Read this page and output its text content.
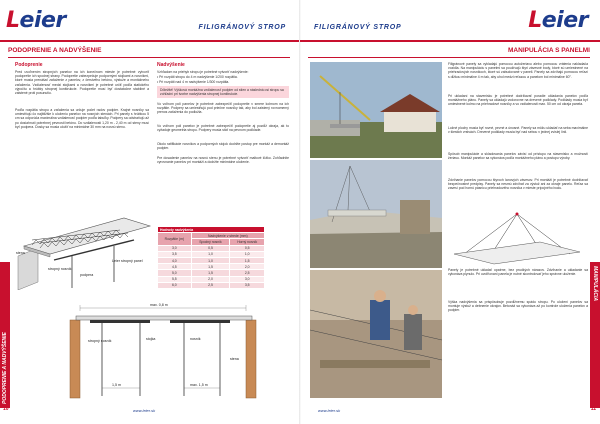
Leier	FILIGRÁNOVÝ STROP
PODOPRENIE A NADVÝŠENIE
Podoprenie
Pred uvoľnením stropných panelov na ich konečnom mieste je potrebné vytvoriť podopretie ich spodnej strany. Podopretie zabezpečuje podpornými stojkami a nosníkmi, ktoré musia prenášať zaťaženie z panelov, z čerstvého betónu, výstuže a montážneho zaťaženia. Vzdialenosť medzi stojkami a nosníkmi je potrebné určiť podľa statického výpočtu a hrúbky stropnej konštrukcie. Podopretie musí byť dostatočne stabilné a zaistené proti posunutiu.
Podľa rozpätia stropu a zaťaženia sa určuje počet radov podpier. Krajné nosníky sa umiestňujú čo najbližšie k uloženiu panelov na nosných stenách. Pri panely s hrúbkou 5 cm sa odporúča maximálna vzdialenosť podpier podľa tabuľky. Podpery sa odstraňujú až po dosiahnutí potrebnej pevnosti betónu. Do vzdialenosti 1,20 m - 2,40 m od steny musí byť podpera. Dosky sa musia uložiť na minimálne 30 mm na nosnú stenu.
Nadvýšenie
Vzhľadom na priehyb stropu je potrebné vytvoriť nadvýšenie:
• Pri rozpätí stropu do 4 m nadvýšenie 1/200 rozpätia.
• Pri rozpätí nad 4 m nadvýšenie 1/300 rozpätia.
Dôležité! Výšková montážna vzdialenosť podpier od stien a následná osi stropu sa zohľadní pri tvorbe nadvýšenia stropnej konštrukcie.
Vo voľnom poli panelov je potrebné zabezpečiť podopretie v smere kolmom na ich rozpätie. Podpery sa umiestňujú pod priečne nosníky tak, aby bol zaistený rovnomerný prenos zaťaženia do podložia.
Vo voľnom poli panelov je potrebné zabezpečiť podopretie aj pozdĺž okraja, ak to vyžaduje geometria stropu. Podpery musia stáť na pevnom podklade.
Okolo ratifikácie nosníkov a podporných stojok dodržte postup pre montáž a demontáž podpier.
Pre dosadenie panelov na nosnú stenu je potrebné vytvoriť maltové lôžko. Zohľadnite vyrovnanie panelov pri montáži a dodržte minimálne uloženie.
Hodnoty nadvýšenia		
Rozpätie (m)	Nadvýšenie v strede (mm)	
	Spodný nosník	Horný nosník
3,0	0,5	0,5
3,5	1,0	1,0
4,0	1,0	1,5
4,5	1,5	2,0
5,0	1,5	2,5
5,5	2,0	3,0
6,0	2,5	3,5
stena
podpera
stropný nosník
Leier stropný panel
stropný nosník	stojka	nosník
stena
1,5 m	max. 1,5 m
max. 0,8 m
PODOPRENIE A NADVÝŠENIE
10	www.leier.sk
Leier
FILIGRÁNOVÝ STROP
MANIPULÁCIA S PANELMI
Filigránové panely sa vykladajú pomocou autožeriavu alebo pomocou vrátenia nakladača vozidla. Na manipuláciu s panelmi sa používajú štyri závesné body, ktoré sú umiestnené na priehradových nosníkoch, ktoré sú zabudované v paneli. Panely sa zdvíhajú pomocou reťazí s dĺžkou minimálne 4 m tak, aby uhol medzi reťazou a panelom bol minimálne 60°.
Pri ukladaní na stavenisku je potrebné dodržiavať poradie ukladania panelov podľa montážneho plánu. Panely sa ukladajú vodorovne na drevené podklady. Podklady musia byť umiestnené kolmo na priehradové nosníky a vo vzdialenosti max. 50 cm od okraja panela.
Ložné plochy musia byť rovné, pevné a únosné. Panely sa môžu ukladať na seba maximálne v šiestich vrstvách. Drevené podklady musia byť nad sebou v jednej zvislej línii.
Spôsob manipulácie a skladovania panelov závisí od prístupu na stavenisko a možností žeriavu. Montáž panelov sa vykonáva podľa montážneho plánu a postupu výroby.
Zdvíhanie panelov pomocou štyroch lanových závesov. Pri montáži je potrebné dodržiavať bezpečnostné predpisy. Panely sa nesmú zdvíhať za výstuž ani za okraje panelu. Reťaz sa zavesí pod hornú pásnicu priehradového nosníka v mieste prípojného bodu.
Panely je potrebné ukladať opatrne, bez prudkých nárazov. Zdvíhanie a ukladanie sa vykonáva plynulo. Pri uvoľňovaní panela je nutné skontrolovať jeho správne uloženie.
Výška nadvýšenia sa prispôsobuje pozdĺžnemu spádu stropu. Po uložení panelov sa montuje výstuž a debnenie okrajov. Betonáž sa vykonáva až po kontrole uloženia panelov a podpier.
MANIPULÁCIA
11
www.leier.sk
